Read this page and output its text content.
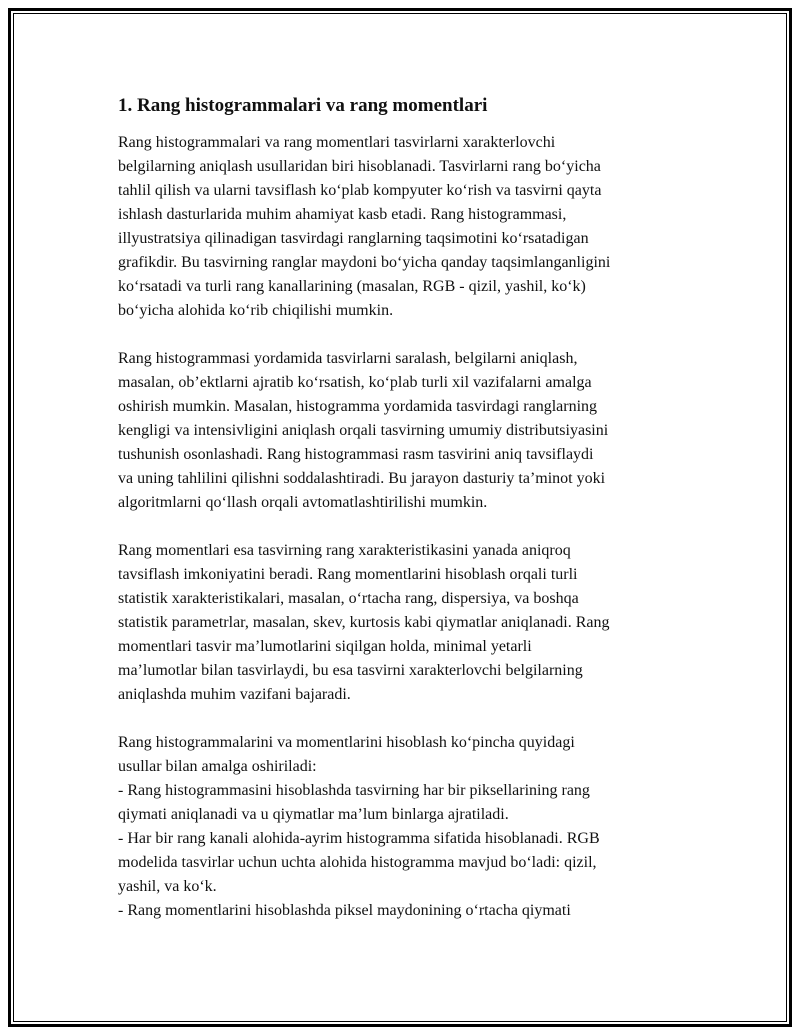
1. Rang histogrammalari va rang momentlari

Rang histogrammalari va rang momentlari tasvirlarni xarakterlovchi
belgilarning aniqlash usullaridan biri hisoblanadi. Tasvirlarni rang bo‘yicha
tahlil qilish va ularni tavsiflash ko‘plab kompyuter ko‘rish va tasvirni qayta
ishlash dasturlarida muhim ahamiyat kasb etadi. Rang histogrammasi,
illyustratsiya qilinadigan tasvirdagi ranglarning taqsimotini ko‘rsatadigan
grafikdir. Bu tasvirning ranglar maydoni bo‘yicha qanday taqsimlanganligini
ko‘rsatadi va turli rang kanallarining (masalan, RGB - qizil, yashil, ko‘k)
bo‘yicha alohida ko‘rib chiqilishi mumkin.

Rang histogrammasi yordamida tasvirlarni saralash, belgilarni aniqlash,
masalan, ob’ektlarni ajratib ko‘rsatish, ko‘plab turli xil vazifalarni amalga
oshirish mumkin. Masalan, histogramma yordamida tasvirdagi ranglarning
kengligi va intensivligini aniqlash orqali tasvirning umumiy distributsiyasini
tushunish osonlashadi. Rang histogrammasi rasm tasvirini aniq tavsiflaydi
va uning tahlilini qilishni soddalashtiradi. Bu jarayon dasturiy ta’minot yoki
algoritmlarni qo‘llash orqali avtomatlashtirilishi mumkin.

Rang momentlari esa tasvirning rang xarakteristikasini yanada aniqroq
tavsiflash imkoniyatini beradi. Rang momentlarini hisoblash orqali turli
statistik xarakteristikalari, masalan, o‘rtacha rang, dispersiya, va boshqa
statistik parametrlar, masalan, skev, kurtosis kabi qiymatlar aniqlanadi. Rang
momentlari tasvir ma’lumotlarini siqilgan holda, minimal yetarli
ma’lumotlar bilan tasvirlaydi, bu esa tasvirni xarakterlovchi belgilarning
aniqlashda muhim vazifani bajaradi.

Rang histogrammalarini va momentlarini hisoblash ko‘pincha quyidagi
usullar bilan amalga oshiriladi:
- Rang histogrammasini hisoblashda tasvirning har bir piksellarining rang
qiymati aniqlanadi va u qiymatlar ma’lum binlarga ajratiladi.
- Har bir rang kanali alohida-ayrim histogramma sifatida hisoblanadi. RGB
modelida tasvirlar uchun uchta alohida histogramma mavjud bo‘ladi: qizil,
yashil, va ko‘k.
- Rang momentlarini hisoblashda piksel maydonining o‘rtacha qiymati
